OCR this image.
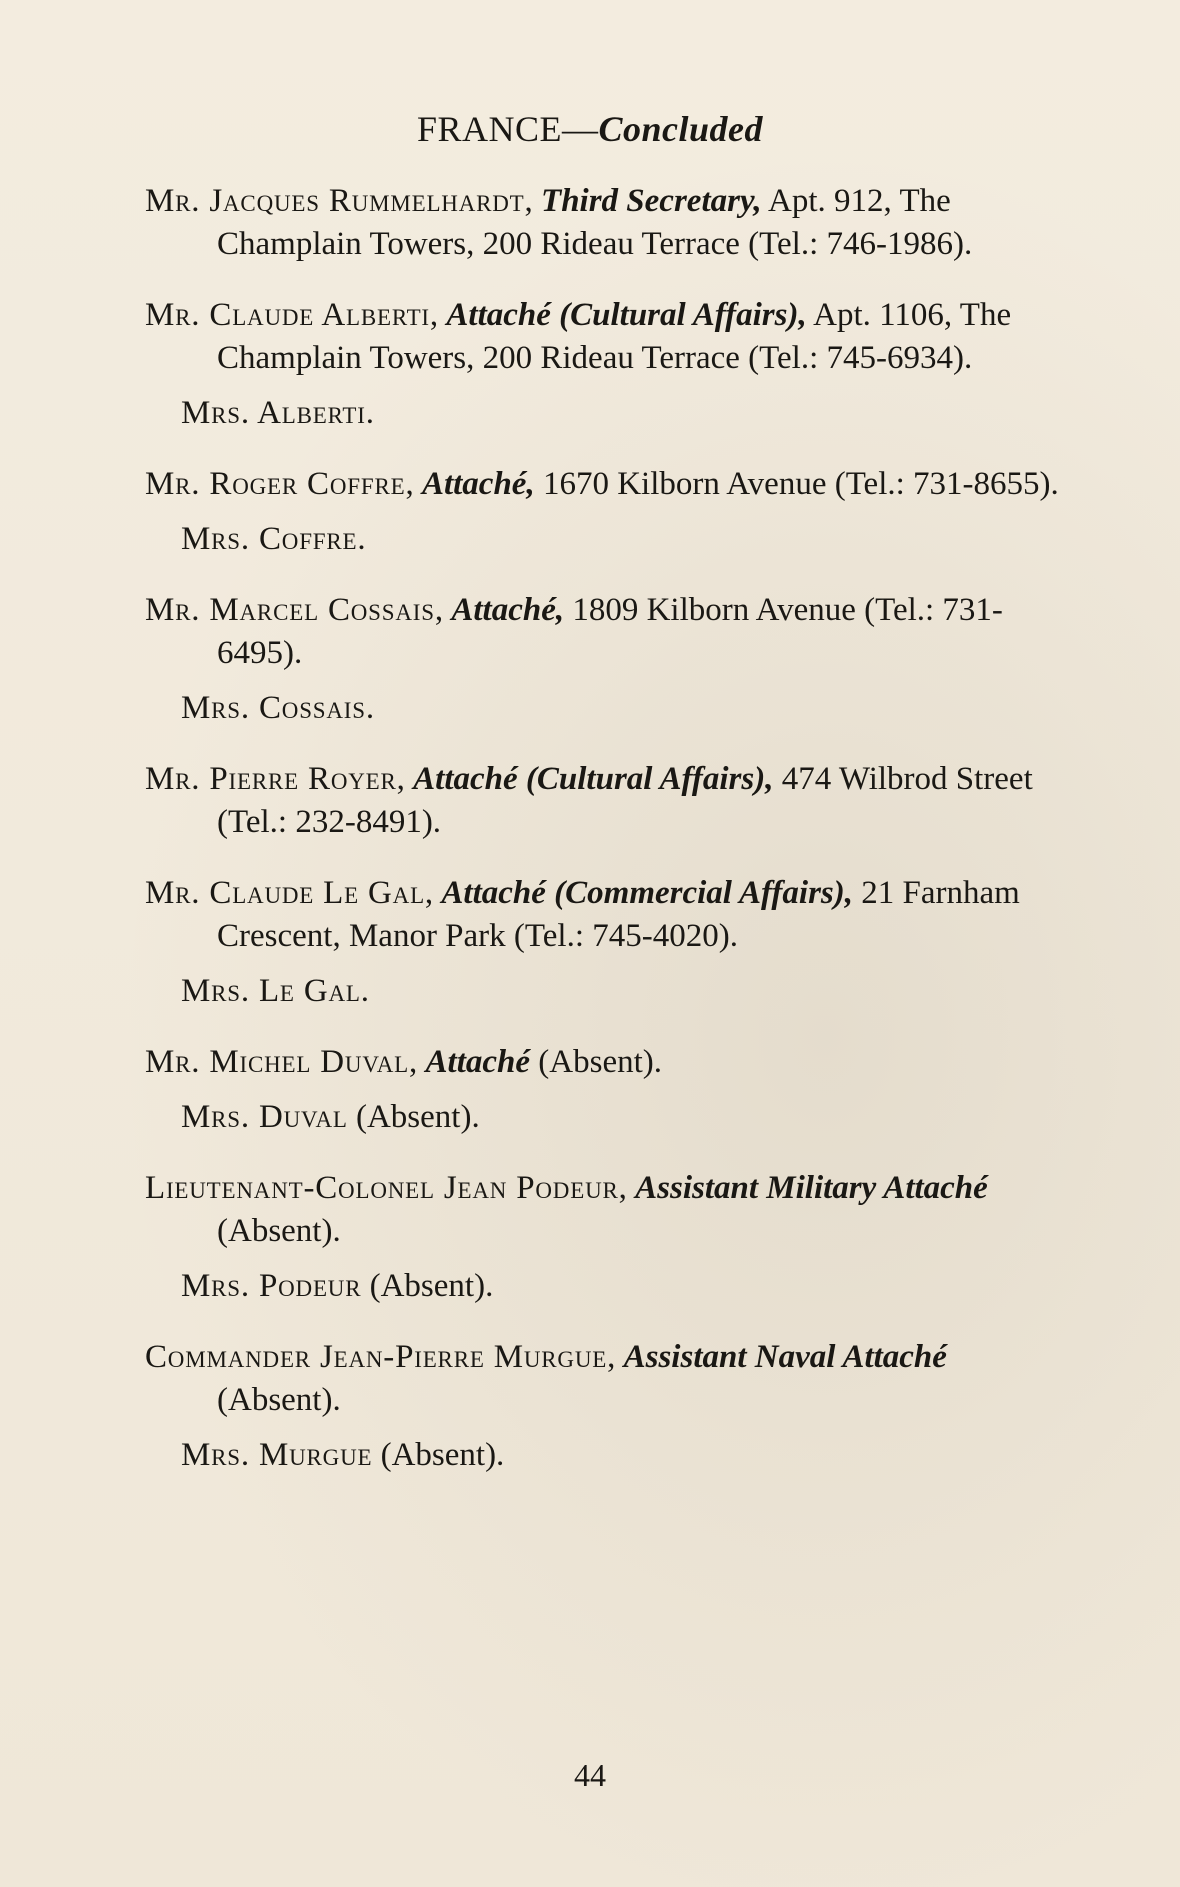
FRANCE—Concluded

Mr. Jacques Rummelhardt, Third Secretary, Apt. 912, The Champlain Towers, 200 Rideau Terrace (Tel.: 746-1986).

Mr. Claude Alberti, Attaché (Cultural Affairs), Apt. 1106, The Champlain Towers, 200 Rideau Terrace (Tel.: 745-6934).

Mrs. Alberti.

Mr. Roger Coffre, Attaché, 1670 Kilborn Avenue (Tel.: 731-8655).

Mrs. Coffre.

Mr. Marcel Cossais, Attaché, 1809 Kilborn Avenue (Tel.: 731-6495).

Mrs. Cossais.

Mr. Pierre Royer, Attaché (Cultural Affairs), 474 Wilbrod Street (Tel.: 232-8491).

Mr. Claude Le Gal, Attaché (Commercial Affairs), 21 Farnham Crescent, Manor Park (Tel.: 745-4020).

Mrs. Le Gal.

Mr. Michel Duval, Attaché (Absent).

Mrs. Duval (Absent).

Lieutenant-Colonel Jean Podeur, Assistant Military Attaché (Absent).

Mrs. Podeur (Absent).

Commander Jean-Pierre Murgue, Assistant Naval Attaché (Absent).

Mrs. Murgue (Absent).

44
